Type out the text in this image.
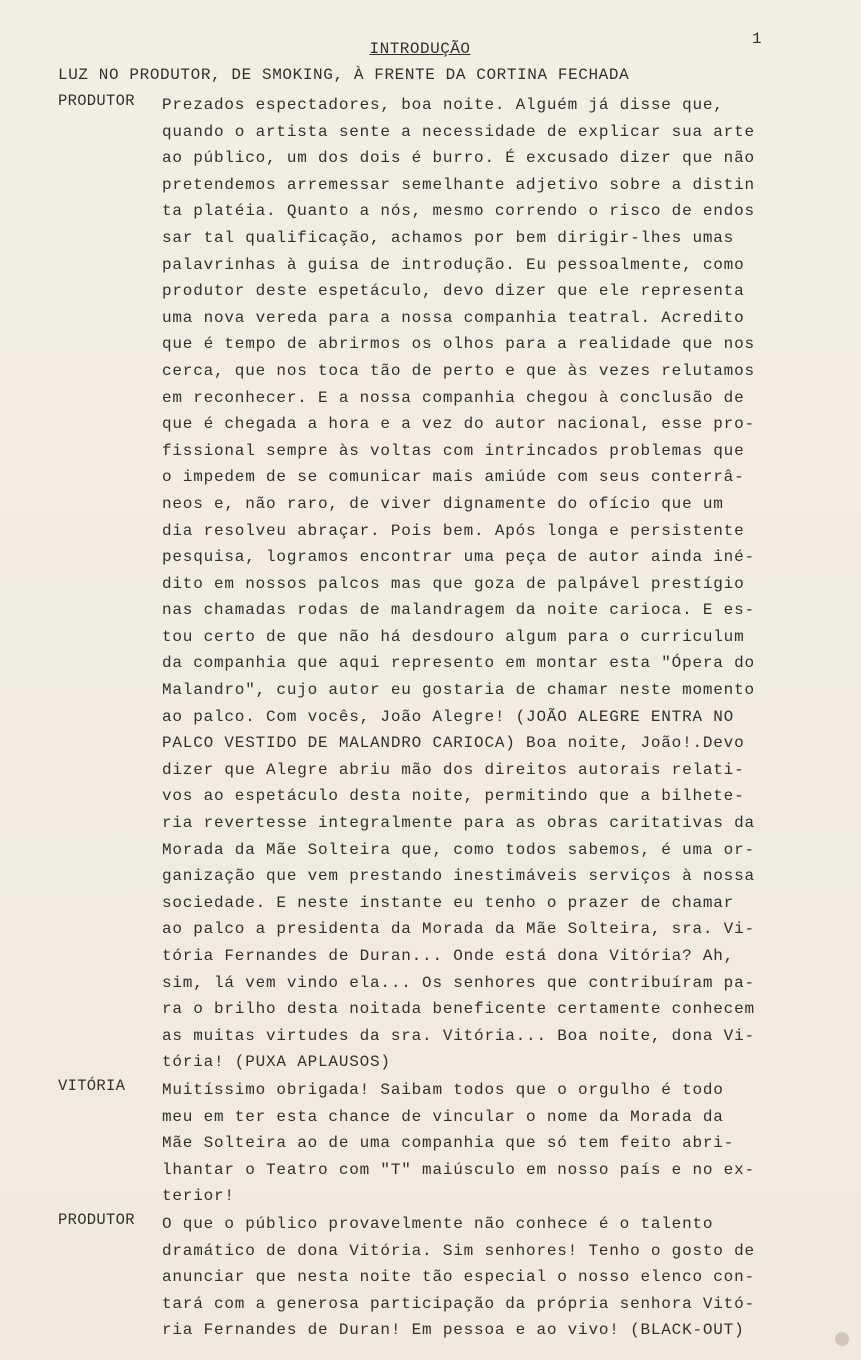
1
INTRODUÇÃO
LUZ NO PRODUTOR, DE SMOKING, À FRENTE DA CORTINA FECHADA
PRODUTOR Prezados espectadores, boa noite. Alguém já disse que,
quando o artista sente a necessidade de explicar sua arte
ao público, um dos dois é burro. É excusado dizer que não
pretendemos arremessar semelhante adjetivo sobre a distin
ta platéia. Quanto a nós, mesmo correndo o risco de endos
sar tal qualificação, achamos por bem dirigir-lhes umas
palavrinhas à guisa de introdução. Eu pessoalmente, como
produtor deste espetáculo, devo dizer que ele representa
uma nova vereda para a nossa companhia teatral. Acredito
que é tempo de abrirmos os olhos para a realidade que nos
cerca, que nos toca tão de perto e que às vezes relutamos
em reconhecer. E a nossa companhia chegou à conclusão de
que é chegada a hora e a vez do autor nacional, esse pro-
fissional sempre às voltas com intrincados problemas que
o impedem de se comunicar mais amiúde com seus conterrâ-
neos e, não raro, de viver dignamente do ofício que um
dia resolveu abraçar. Pois bem. Após longa e persistente
pesquisa, logramos encontrar uma peça de autor ainda iné-
dito em nossos palcos mas que goza de palpável prestígio
nas chamadas rodas de malandragem da noite carioca. E es-
tou certo de que não há desdouro algum para o curriculum
da companhia que aqui represento em montar esta "Ópera do
Malandro", cujo autor eu gostaria de chamar neste momento
ao palco. Com vocês, João Alegre! (JOÃO ALEGRE ENTRA NO
PALCO VESTIDO DE MALANDRO CARIOCA) Boa noite, João!.Devo
dizer que Alegre abriu mão dos direitos autorais relati-
vos ao espetáculo desta noite, permitindo que a bilhete-
ria revertesse integralmente para as obras caritativas da
Morada da Mãe Solteira que, como todos sabemos, é uma or-
ganização que vem prestando inestimáveis serviços à nossa
sociedade. E neste instante eu tenho o prazer de chamar
ao palco a presidenta da Morada da Mãe Solteira, sra. Vi-
tória Fernandes de Duran... Onde está dona Vitória? Ah,
sim, lá vem vindo ela... Os senhores que contribuíram pa-
ra o brilho desta noitada beneficente certamente conhecem
as muitas virtudes da sra. Vitória... Boa noite, dona Vi-
tória! (PUXA APLAUSOS)
VITÓRIA Muitíssimo obrigada! Saibam todos que o orgulho é todo
meu em ter esta chance de vincular o nome da Morada da
Mãe Solteira ao de uma companhia que só tem feito abri-
lhantar o Teatro com "T" maiúsculo em nosso país e no ex-
terior!
PRODUTOR O que o público provavelmente não conhece é o talento
dramático de dona Vitória. Sim senhores! Tenho o gosto de
anunciar que nesta noite tão especial o nosso elenco con-
tará com a generosa participação da própria senhora Vitó-
ria Fernandes de Duran! Em pessoa e ao vivo! (BLACK-OUT)
